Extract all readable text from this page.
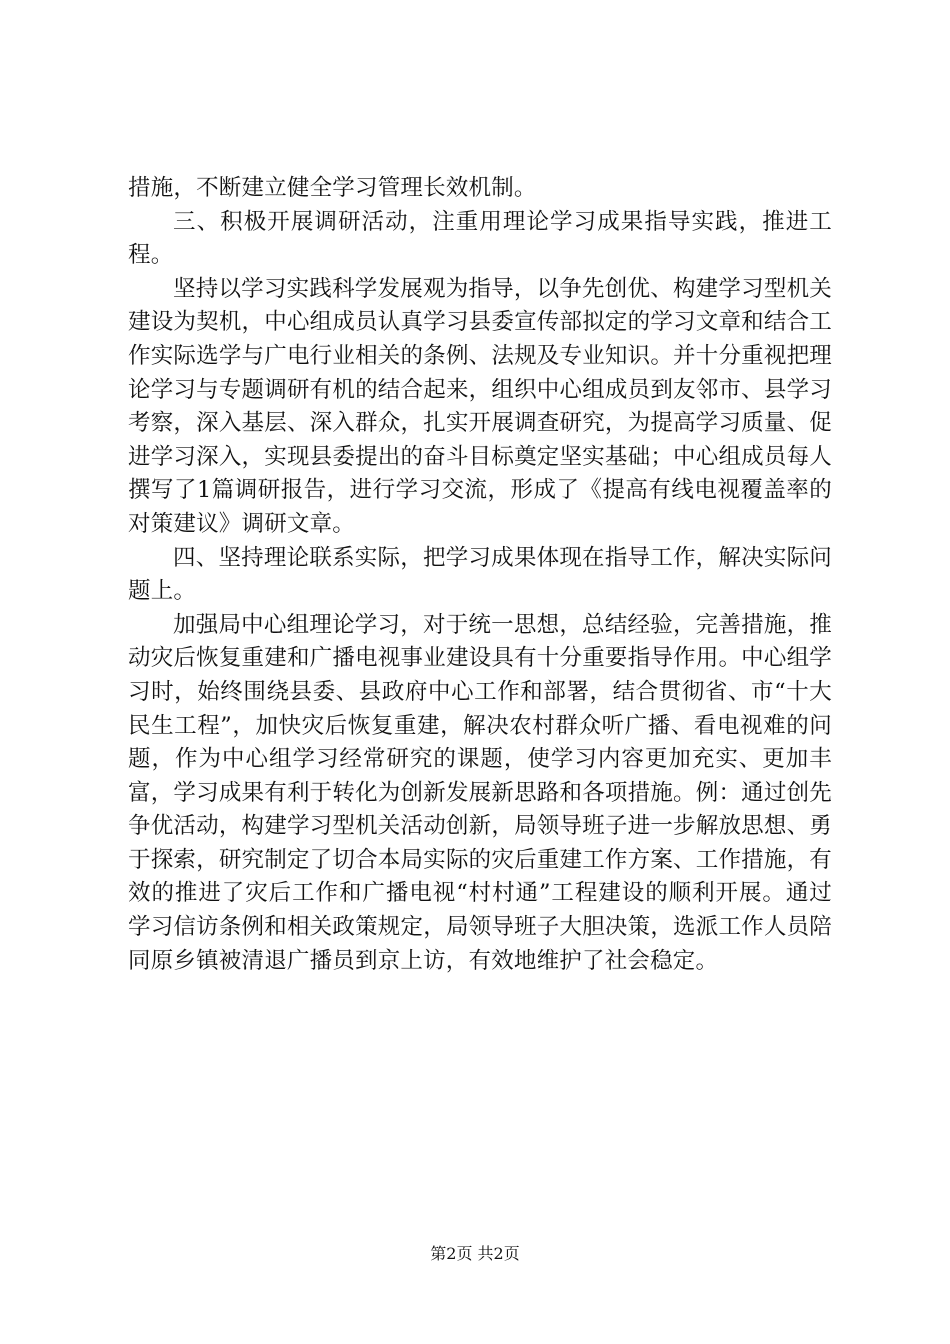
措施，不断建立健全学习管理长效机制。

三、积极开展调研活动，注重用理论学习成果指导实践，推进工程。

坚持以学习实践科学发展观为指导，以争先创优、构建学习型机关建设为契机，中心组成员认真学习县委宣传部拟定的学习文章和结合工作实际选学与广电行业相关的条例、法规及专业知识。并十分重视把理论学习与专题调研有机的结合起来，组织中心组成员到友邻市、县学习考察，深入基层、深入群众，扎实开展调查研究，为提高学习质量、促进学习深入，实现县委提出的奋斗目标奠定坚实基础；中心组成员每人撰写了1篇调研报告，进行学习交流，形成了《提高有线电视覆盖率的对策建议》调研文章。

四、坚持理论联系实际，把学习成果体现在指导工作，解决实际问题上。

加强局中心组理论学习，对于统一思想，总结经验，完善措施，推动灾后恢复重建和广播电视事业建设具有十分重要指导作用。中心组学习时，始终围绕县委、县政府中心工作和部署，结合贯彻省、市“十大民生工程”，加快灾后恢复重建，解决农村群众听广播、看电视难的问题，作为中心组学习经常研究的课题，使学习内容更加充实、更加丰富，学习成果有利于转化为创新发展新思路和各项措施。例：通过创先争优活动，构建学习型机关活动创新，局领导班子进一步解放思想、勇于探索，研究制定了切合本局实际的灾后重建工作方案、工作措施，有效的推进了灾后工作和广播电视“村村通”工程建设的顺利开展。通过学习信访条例和相关政策规定，局领导班子大胆决策，选派工作人员陪同原乡镇被清退广播员到京上访，有效地维护了社会稳定。

第2页 共2页
